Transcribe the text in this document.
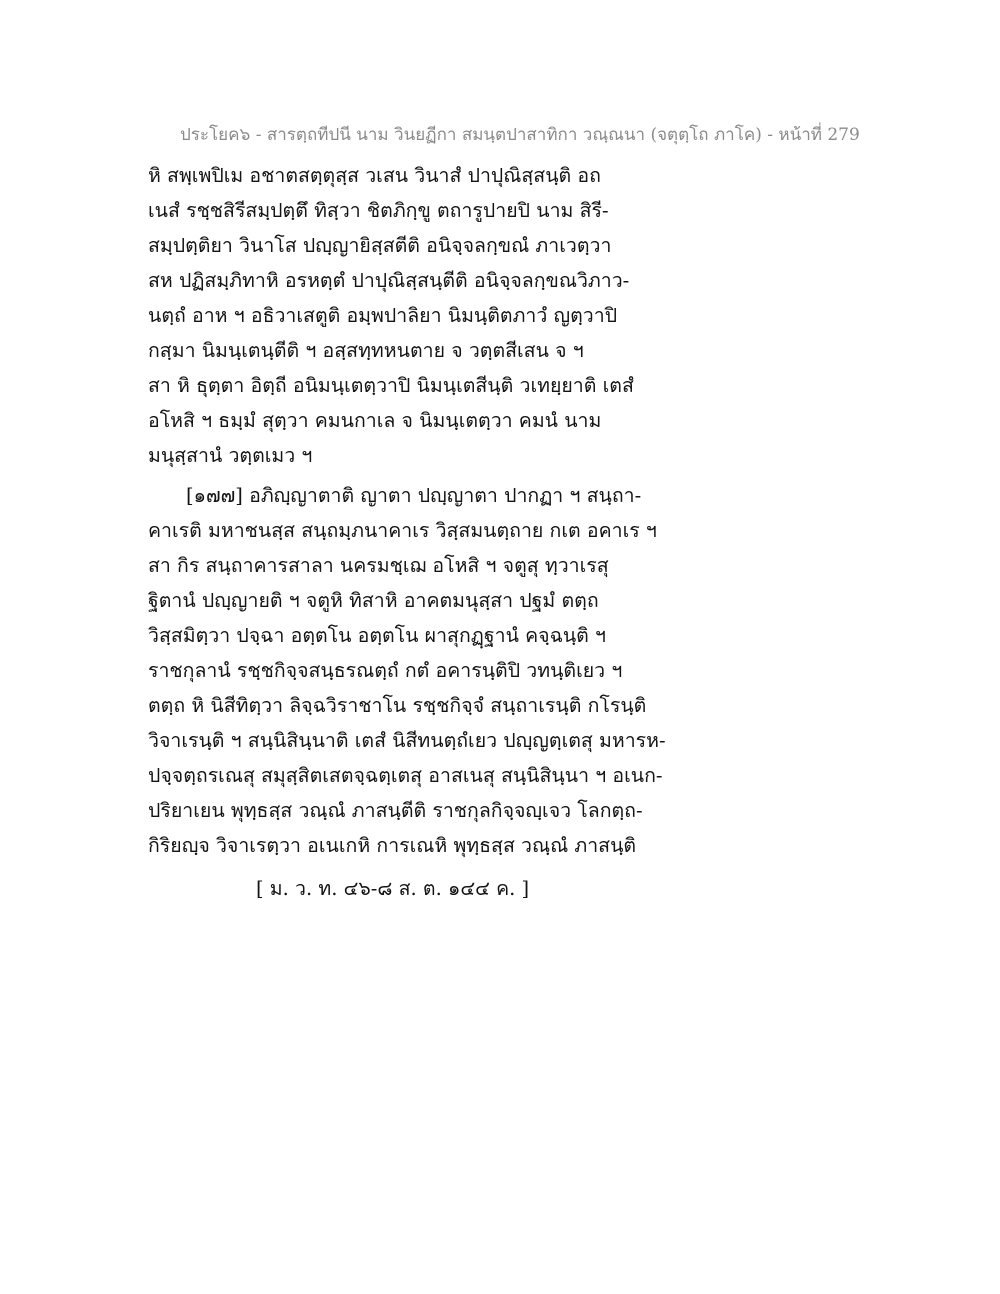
ประโยค๖ - สารตฺถทีปนี นาม วินยฏีกา สมนฺตปาสาทิกา วณฺณนา (จตุตฺโถ ภาโค) - หน้าที่ 279
หิ สพฺเพปิเม อชาตสตฺตุสฺส วเสน วินาสํ ปาปุณิสฺสนฺติ อถ
เนสํ รชฺชสิรีสมฺปตฺตึ ทิสฺวา ชิตภิกฺขู ตถารูปายปิ นาม สิรี-
สมฺปตฺติยา วินาโส ปญฺญายิสฺสตีติ อนิจฺจลกฺขณํ ภาเวตฺวา
สห ปฏิสมฺภิทาหิ อรหตฺตํ ปาปุณิสฺสนฺตีติ อนิจฺจลกฺขณวิภาว-
นตฺถํ อาห ฯ อธิวาเสตูติ อมฺพปาลิยา นิมนฺติตภาวํ ญตฺวาปิ
กสฺมา นิมนฺเตนฺตีติ ฯ อสฺสทฺทหนตาย จ วตฺตสีเสน จ ฯ
สา หิ ธุตฺตา อิตฺถี อนิมนฺเตตฺวาปิ นิมนฺเตสีนฺติ วเทยฺยาติ เตสํ
อโหสิ ฯ ธมฺมํ สุตฺวา คมนกาเล จ นิมนฺเตตฺวา คมนํ นาม
มนุสฺสานํ วตฺตเมว ฯ
[๑๗๗] อภิญฺญาตาติ ญาตา ปญฺญาตา ปากฏา ฯ สนฺถา-
คาเรติ มหาชนสฺส สนฺถมฺภนาคาเร วิสฺสมนตฺถาย กเต อคาเร ฯ
สา กิร สนฺถาคารสาลา นครมชฺเฌ อโหสิ ฯ จตูสุ ทฺวาเรสุ
ฐิตานํ ปญฺญายติ ฯ จตูหิ ทิสาหิ อาคตมนุสฺสา ปฐมํ ตตฺถ
วิสฺสมิตฺวา ปจฺฉา อตฺตโน อตฺตโน ผาสุกฏฺฐานํ คจฺฉนฺติ ฯ
ราชกุลานํ รชฺชกิจฺจสนฺธรณตฺถํ กตํ อคารนฺติปิ วทนฺติเยว ฯ
ตตฺถ หิ นิสีทิตฺวา ลิจฺฉวิราชาโน รชฺชกิจฺจํ สนฺถาเรนฺติ กโรนฺติ
วิจาเรนฺติ ฯ สนฺนิสินฺนาติ เตสํ นิสีทนตฺถํเยว ปญฺญตฺเตสุ มหารห-
ปจฺจตฺถรเณสุ สมุสฺสิตเสตจฺฉตฺเตสุ อาสเนสุ สนฺนิสินฺนา ฯ อเนก-
ปริยาเยน พุทฺธสฺส วณฺณํ ภาสนฺตีติ ราชกุลกิจฺจญฺเจว โลกตฺถ-
กิริยญฺจ วิจาเรตฺวา อเนเกหิ การเณหิ พุทฺธสฺส วณฺณํ ภาสนฺติ
[ ม. ว. ท. ๔๖-๘ ส. ต. ๑๔๔ ค. ]
